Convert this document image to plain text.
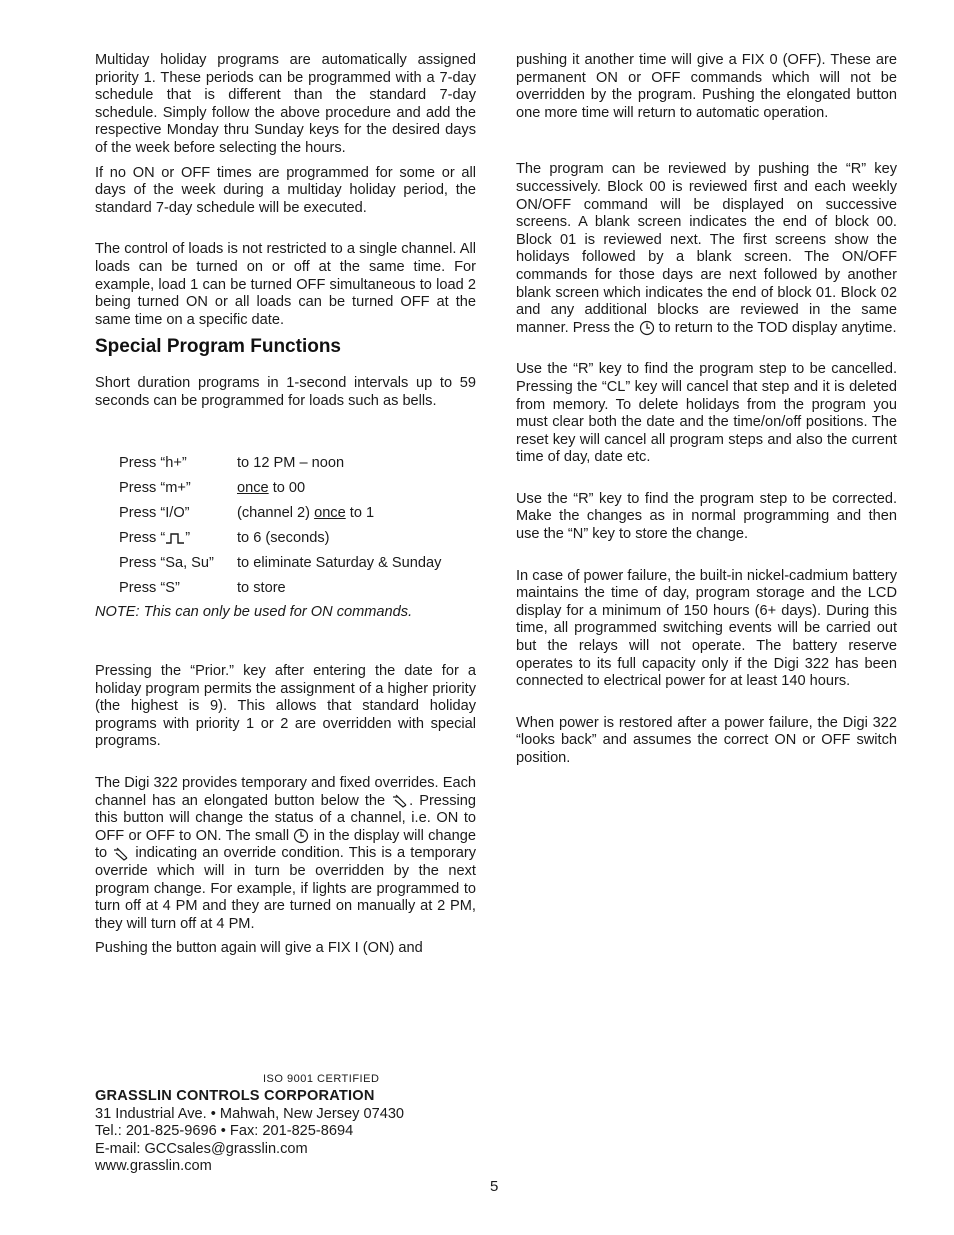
Multiday holiday programs are automatically assigned priority 1. These periods can be programmed with a 7-day schedule that is different than the standard 7-day schedule. Simply follow the above procedure and add the respective Monday thru Sunday keys for the desired days of the week before selecting the hours.

If no ON or OFF times are programmed for some or all days of the week during a multiday holiday period, the standard 7-day schedule will be executed.

The control of loads is not restricted to a single channel. All loads can be turned on or off at the same time. For example, load 1 can be turned OFF simultaneous to load 2 being turned ON or all loads can be turned OFF at the same time on a specific date.

Special Program Functions

Short duration programs in 1-second intervals up to 59 seconds can be programmed for loads such as bells.

Press “h+”	to 12 PM – noon
Press “m+”	once to 00
Press “I/O”	(channel 2) once to 1
Press “ ”	to 6 (seconds)
Press “Sa, Su”	to eliminate Saturday & Sunday
Press “S”	to store

NOTE: This can only be used for ON commands.

Pressing the “Prior.” key after entering the date for a holiday program permits the assignment of a higher priority (the highest is 9). This allows that standard holiday programs with priority 1 or 2 are overridden with special programs.

The Digi 322 provides temporary and fixed overrides. Each channel has an elongated button below the . Pressing this button will change the status of a channel, i.e. ON to OFF or OFF to ON. The small in the display will change to indicating an override condition. This is a temporary override which will in turn be overridden by the next program change. For example, if lights are programmed to turn off at 4 PM and they are turned on manually at 2 PM, they will turn off at 4 PM.

Pushing the button again will give a FIX I (ON) and

pushing it another time will give a FIX 0 (OFF). These are permanent ON or OFF commands which will not be overridden by the program. Pushing the elongated button one more time will return to automatic operation.

The program can be reviewed by pushing the “R” key successively. Block 00 is reviewed first and each weekly ON/OFF command will be displayed on successive screens. A blank screen indicates the end of block 00. Block 01 is reviewed next. The first screens show the holidays followed by a blank screen. The ON/OFF commands for those days are next followed by another blank screen which indicates the end of block 01. Block 02 and any additional blocks are reviewed in the same manner. Press the to return to the TOD display anytime.

Use the “R” key to find the program step to be cancelled. Pressing the “CL” key will cancel that step and it is deleted from memory. To delete holidays from the program you must clear both the date and the time/on/off positions. The reset key will cancel all program steps and also the current time of day, date etc.

Use the “R” key to find the program step to be corrected. Make the changes as in normal programming and then use the “N” key to store the change.

In case of power failure, the built-in nickel-cadmium battery maintains the time of day, program storage and the LCD display for a minimum of 150 hours (6+ days). During this time, all programmed switching events will be carried out but the relays will not operate. The battery reserve operates to its full capacity only if the Digi 322 has been connected to electrical power for at least 140 hours.

When power is restored after a power failure, the Digi 322 “looks back” and assumes the correct ON or OFF switch position.

ISO 9001 CERTIFIED
GRASSLIN CONTROLS CORPORATION
31 Industrial Ave. • Mahwah, New Jersey 07430
Tel.: 201-825-9696 • Fax: 201-825-8694
E-mail: GCCsales@grasslin.com
www.grasslin.com
5
